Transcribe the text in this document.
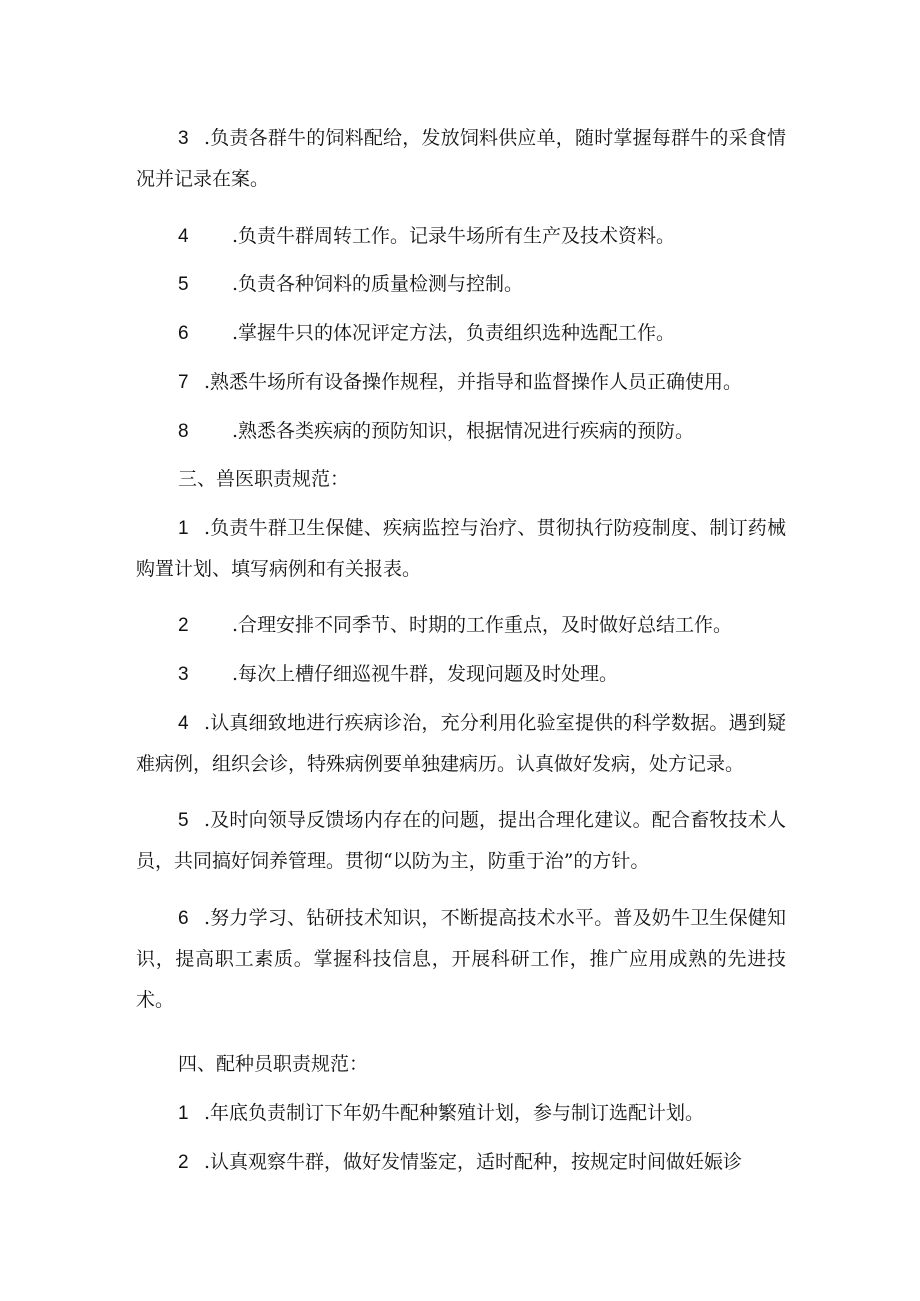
3 .负责各群牛的饲料配给，发放饲料供应单，随时掌握每群牛的采食情况并记录在案。

4 .负责牛群周转工作。记录牛场所有生产及技术资料。

5 .负责各种饲料的质量检测与控制。

6 .掌握牛只的体况评定方法，负责组织选种选配工作。

7 .熟悉牛场所有设备操作规程，并指导和监督操作人员正确使用。

8 .熟悉各类疾病的预防知识，根据情况进行疾病的预防。

三、兽医职责规范：

1 .负责牛群卫生保健、疾病监控与治疗、贯彻执行防疫制度、制订药械购置计划、填写病例和有关报表。

2 .合理安排不同季节、时期的工作重点，及时做好总结工作。

3 .每次上槽仔细巡视牛群，发现问题及时处理。

4 .认真细致地进行疾病诊治，充分利用化验室提供的科学数据。遇到疑难病例，组织会诊，特殊病例要单独建病历。认真做好发病，处方记录。

5 .及时向领导反馈场内存在的问题，提出合理化建议。配合畜牧技术人员，共同搞好饲养管理。贯彻“以防为主，防重于治”的方针。

6 .努力学习、钻研技术知识，不断提高技术水平。普及奶牛卫生保健知识，提高职工素质。掌握科技信息，开展科研工作，推广应用成熟的先进技术。

四、配种员职责规范：

1 .年底负责制订下年奶牛配种繁殖计划，参与制订选配计划。

2 .认真观察牛群，做好发情鉴定，适时配种，按规定时间做妊娠诊
